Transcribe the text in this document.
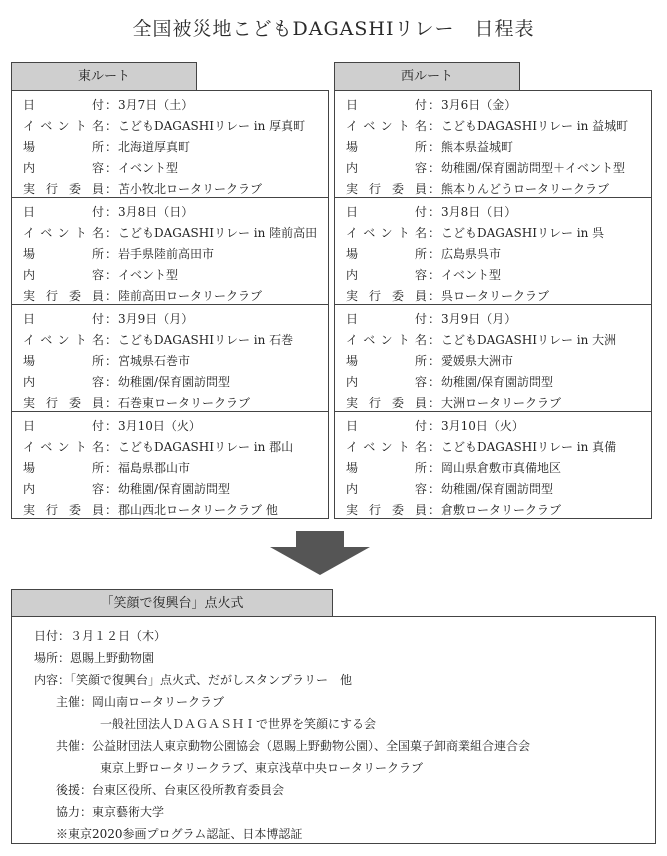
全国被災地こどもDAGASHIリレー　日程表
東ルート
日　　付 ： 3月7日（土）
イベント名 ： こどもDAGASHIリレー in 厚真町
場　　所 ： 北海道厚真町
内　　容 ： イベント型
実行委員 ： 苫小牧北ロータリークラブ
日　　付 ： 3月8日（日）
イベント名 ： こどもDAGASHIリレー in 陸前高田
場　　所 ： 岩手県陸前高田市
内　　容 ： イベント型
実行委員 ： 陸前高田ロータリークラブ
日　　付 ： 3月9日（月）
イベント名 ： こどもDAGASHIリレー in 石巻
場　　所 ： 宮城県石巻市
内　　容 ： 幼稚園/保育園訪問型
実行委員 ： 石巻東ロータリークラブ
日　　付 ： 3月10日（火）
イベント名 ： こどもDAGASHIリレー in 郡山
場　　所 ： 福島県郡山市
内　　容 ： 幼稚園/保育園訪問型
実行委員 ： 郡山西北ロータリークラブ 他
西ルート
日　　付 ： 3月6日（金）
イベント名 ： こどもDAGASHIリレー in 益城町
場　　所 ： 熊本県益城町
内　　容 ： 幼稚園/保育園訪問型＋イベント型
実行委員 ： 熊本りんどうロータリークラブ
日　　付 ： 3月8日（日）
イベント名 ： こどもDAGASHIリレー in 呉
場　　所 ： 広島県呉市
内　　容 ： イベント型
実行委員 ： 呉ロータリークラブ
日　　付 ： 3月9日（月）
イベント名 ： こどもDAGASHIリレー in 大洲
場　　所 ： 愛媛県大洲市
内　　容 ： 幼稚園/保育園訪問型
実行委員 ： 大洲ロータリークラブ
日　　付 ： 3月10日（火）
イベント名 ： こどもDAGASHIリレー in 真備
場　　所 ： 岡山県倉敷市真備地区
内　　容 ： 幼稚園/保育園訪問型
実行委員 ： 倉敷ロータリークラブ
「笑顔で復興台」点火式
日付：３月１２日（木）
場所：恩賜上野動物園
内容：「笑顔で復興台」点火式、だがしスタンプラリー　他
主催：岡山南ロータリークラブ
一般社団法人ＤＡＧＡＳＨＩで世界を笑顔にする会
共催：公益財団法人東京動物公園協会（恩賜上野動物公園）、全国菓子卸商業組合連合会
東京上野ロータリークラブ、東京浅草中央ロータリークラブ
後援：台東区役所、台東区役所教育委員会
協力：東京藝術大学
※東京2020参画プログラム認証、日本博認証
